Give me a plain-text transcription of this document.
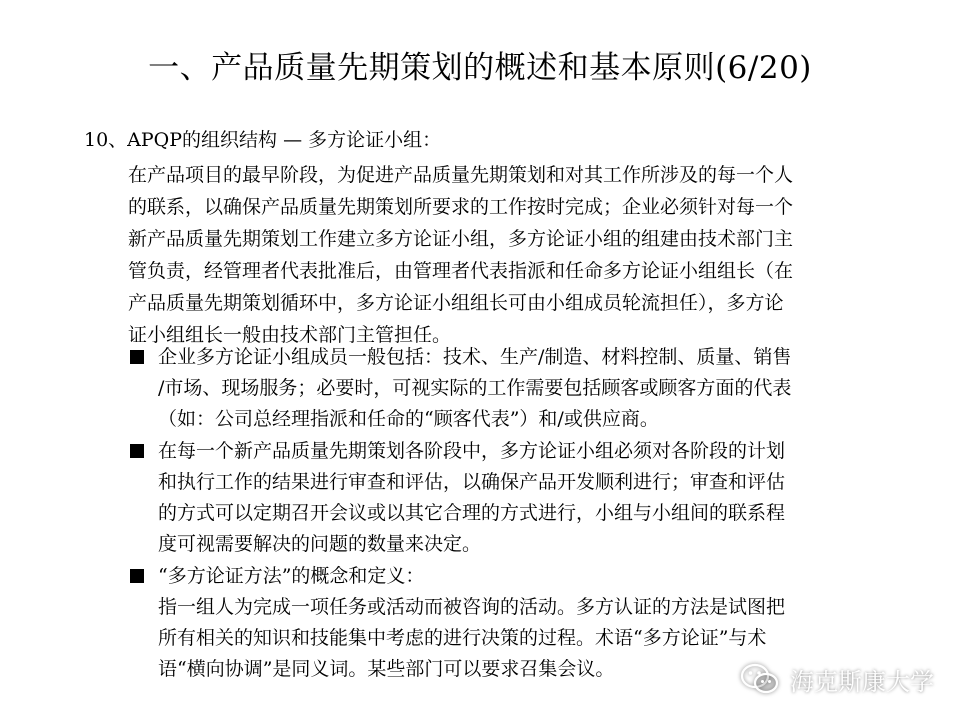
一、产品质量先期策划的概述和基本原则(6/20)
10、APQP的组织结构 — 多方论证小组：
在产品项目的最早阶段，为促进产品质量先期策划和对其工作所涉及的每一个人
的联系，以确保产品质量先期策划所要求的工作按时完成；企业必须针对每一个
新产品质量先期策划工作建立多方论证小组，多方论证小组的组建由技术部门主
管负责，经管理者代表批准后，由管理者代表指派和任命多方论证小组组长（在
产品质量先期策划循环中，多方论证小组组长可由小组成员轮流担任），多方论
证小组组长一般由技术部门主管担任。
企业多方论证小组成员一般包括：技术、生产/制造、材料控制、质量、销售
/市场、现场服务；必要时，可视实际的工作需要包括顾客或顾客方面的代表
（如：公司总经理指派和任命的“顾客代表”）和/或供应商。
在每一个新产品质量先期策划各阶段中，多方论证小组必须对各阶段的计划
和执行工作的结果进行审查和评估，以确保产品开发顺利进行；审查和评估
的方式可以定期召开会议或以其它合理的方式进行，小组与小组间的联系程
度可视需要解决的问题的数量来决定。
“多方论证方法”的概念和定义：
指一组人为完成一项任务或活动而被咨询的活动。多方认证的方法是试图把
所有相关的知识和技能集中考虑的进行决策的过程。术语“多方论证”与术
语“横向协调”是同义词。某些部门可以要求召集会议。	海克斯康大学
